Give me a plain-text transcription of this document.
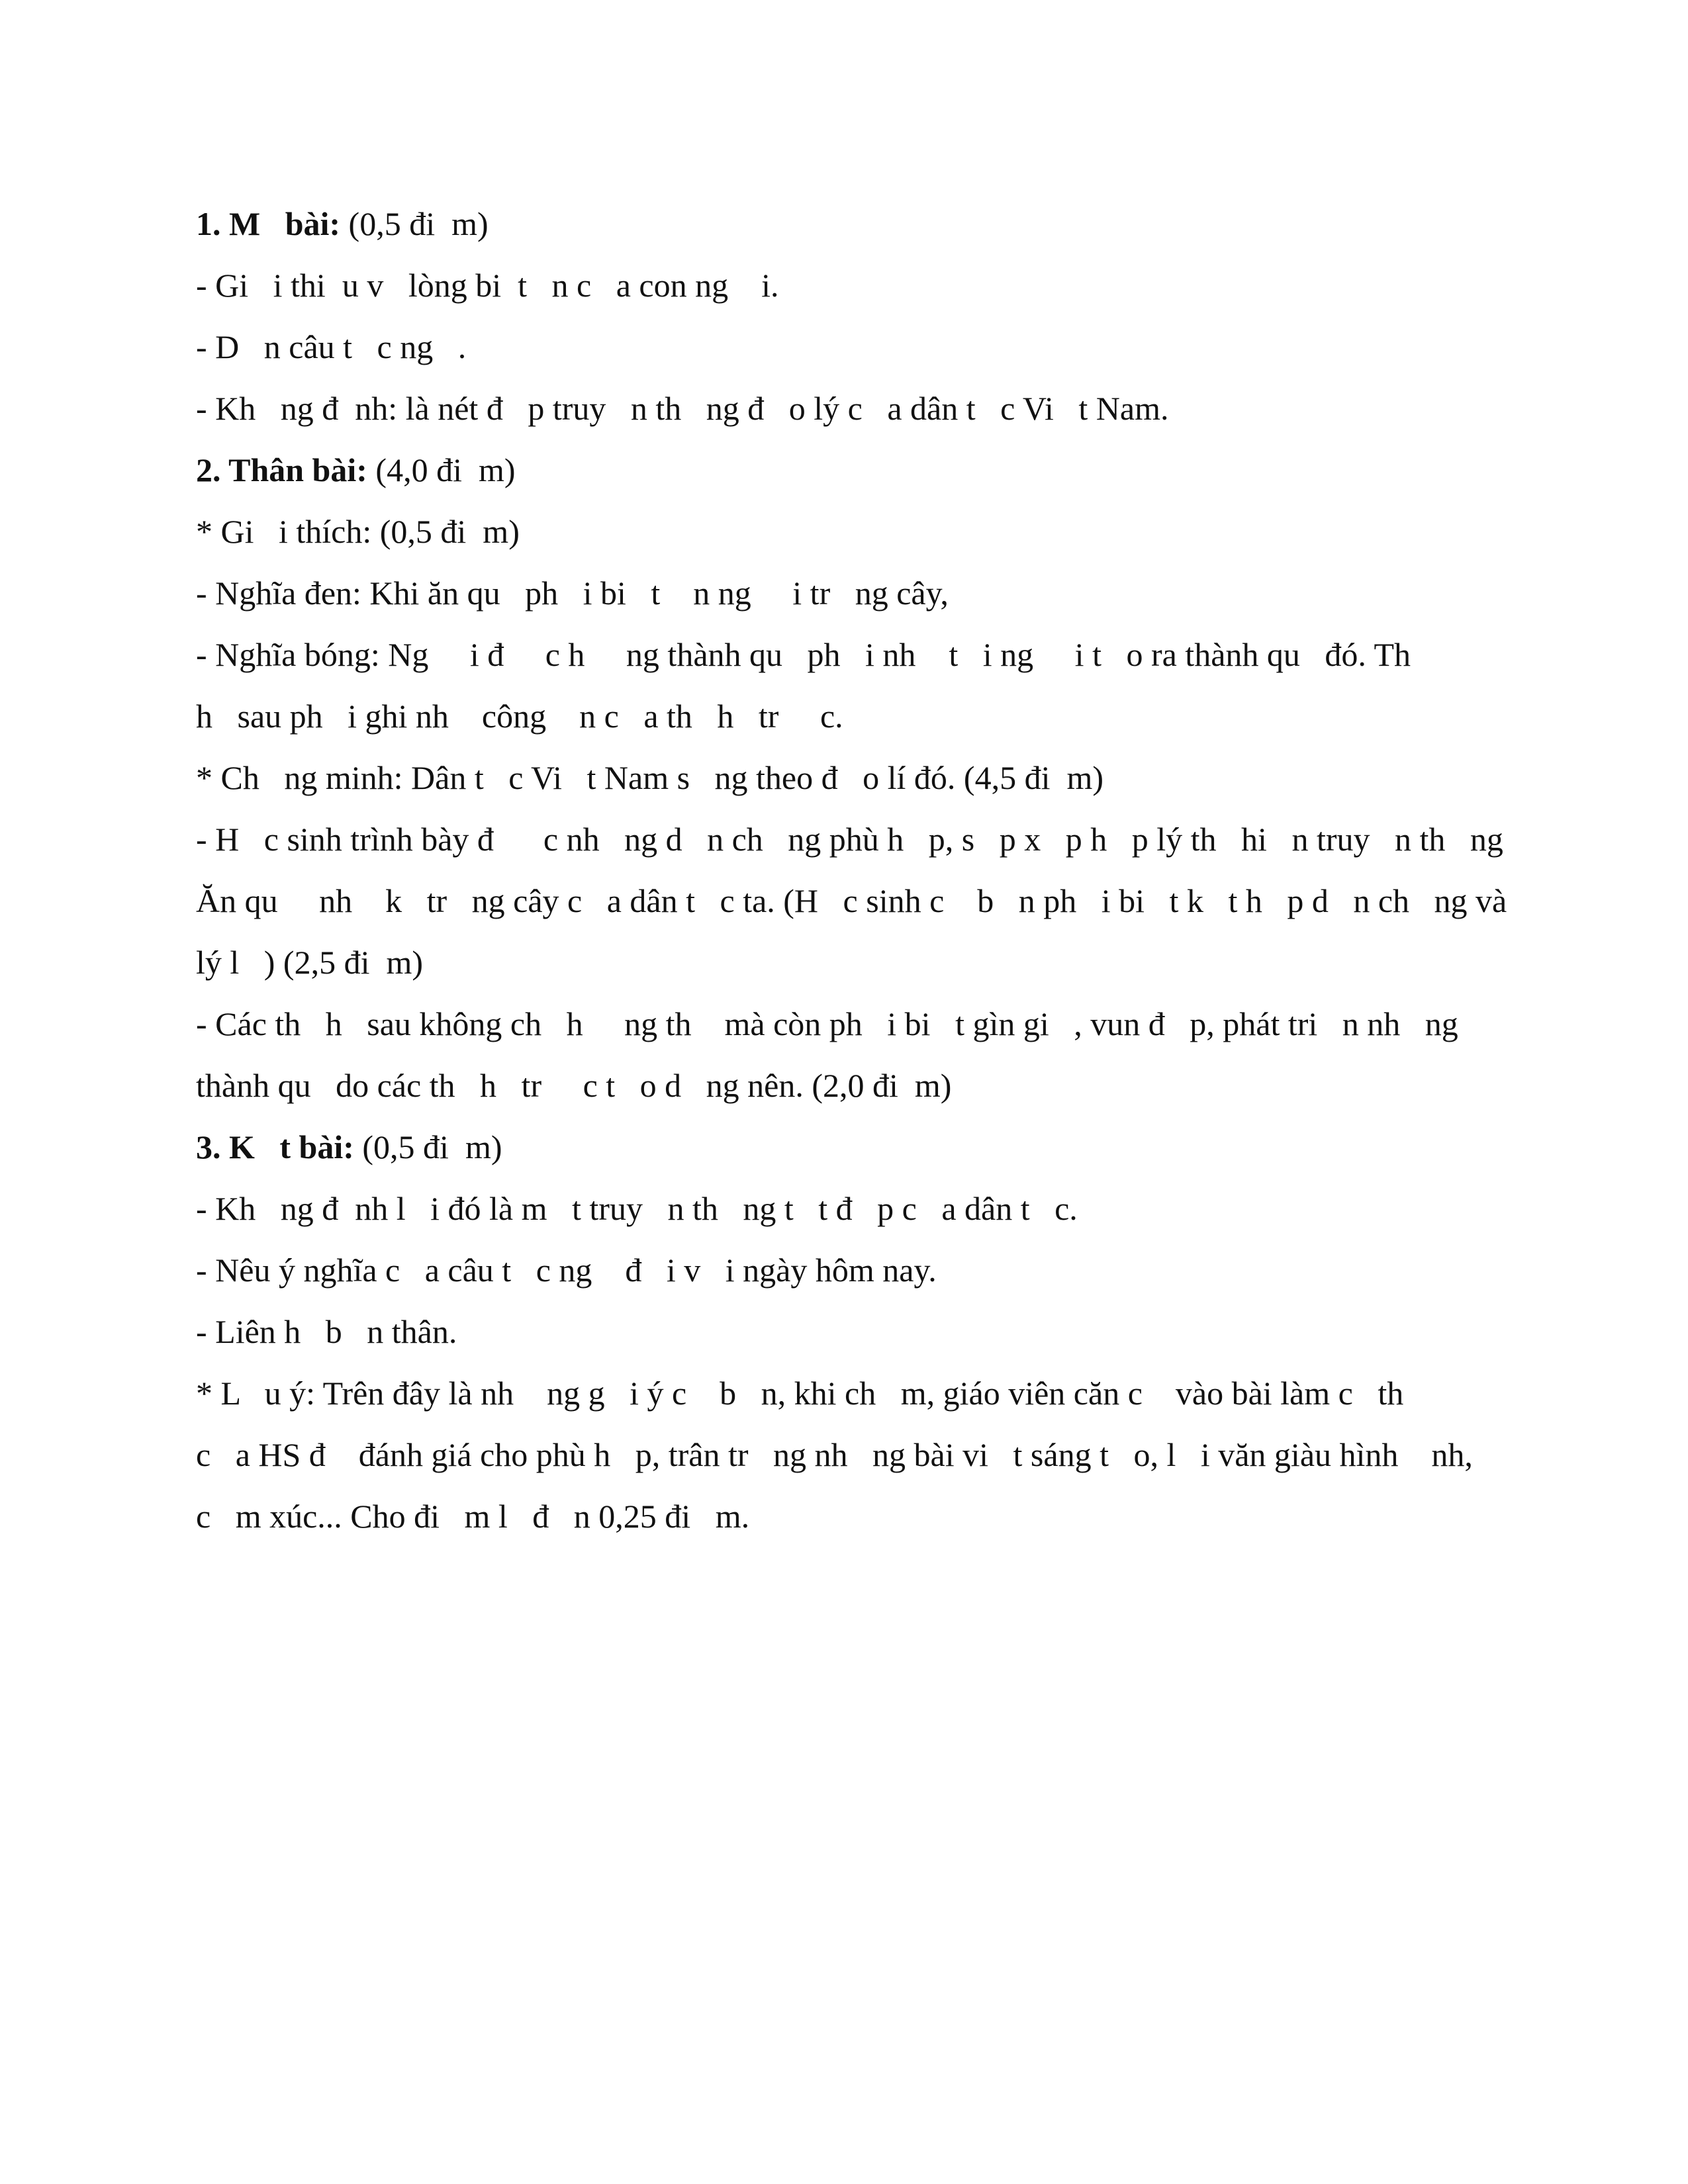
1. M   bài: (0,5 đi  m)

- Gi   i thi  u v   lòng bi  t   n c   a con ng    i.

- D   n câu t   c ng   .

- Kh   ng đ  nh: là nét đ   p truy   n th   ng đ   o lý c   a dân t   c Vi   t Nam.

2. Thân bài: (4,0 đi  m)

* Gi   i thích: (0,5 đi  m)

- Nghĩa đen: Khi ăn qu   ph   i bi   t    n ng     i tr   ng cây,

- Nghĩa bóng: Ng     i đ     c h     ng thành qu   ph   i nh    t   i ng     i t   o ra thành qu   đó. Th

h   sau ph   i ghi nh    công    n c   a th   h   tr     c.

* Ch   ng minh: Dân t   c Vi   t Nam s   ng theo đ   o lí đó. (4,5 đi  m)

- H   c sinh trình bày đ      c nh   ng d   n ch   ng phù h   p, s   p x   p h   p lý th   hi   n truy   n th   ng

Ăn qu     nh    k   tr   ng cây c   a dân t   c ta. (H   c sinh c    b   n ph   i bi   t k   t h   p d   n ch   ng và

lý l   ) (2,5 đi  m)

- Các th   h   sau không ch   h     ng th    mà còn ph   i bi   t gìn gi   , vun đ   p, phát tri   n nh   ng

thành qu   do các th   h   tr     c t   o d   ng nên. (2,0 đi  m)

3. K   t bài: (0,5 đi  m)

- Kh   ng đ  nh l   i đó là m   t truy   n th   ng t   t đ   p c   a dân t   c.

- Nêu ý nghĩa c   a câu t   c ng    đ   i v   i ngày hôm nay.

- Liên h   b   n thân.

* L   u ý: Trên đây là nh    ng g   i ý c    b   n, khi ch   m, giáo viên căn c    vào bài làm c   th

c   a HS đ    đánh giá cho phù h   p, trân tr   ng nh   ng bài vi   t sáng t   o, l   i văn giàu hình    nh,

c   m xúc... Cho đi   m l   đ   n 0,25 đi   m.
